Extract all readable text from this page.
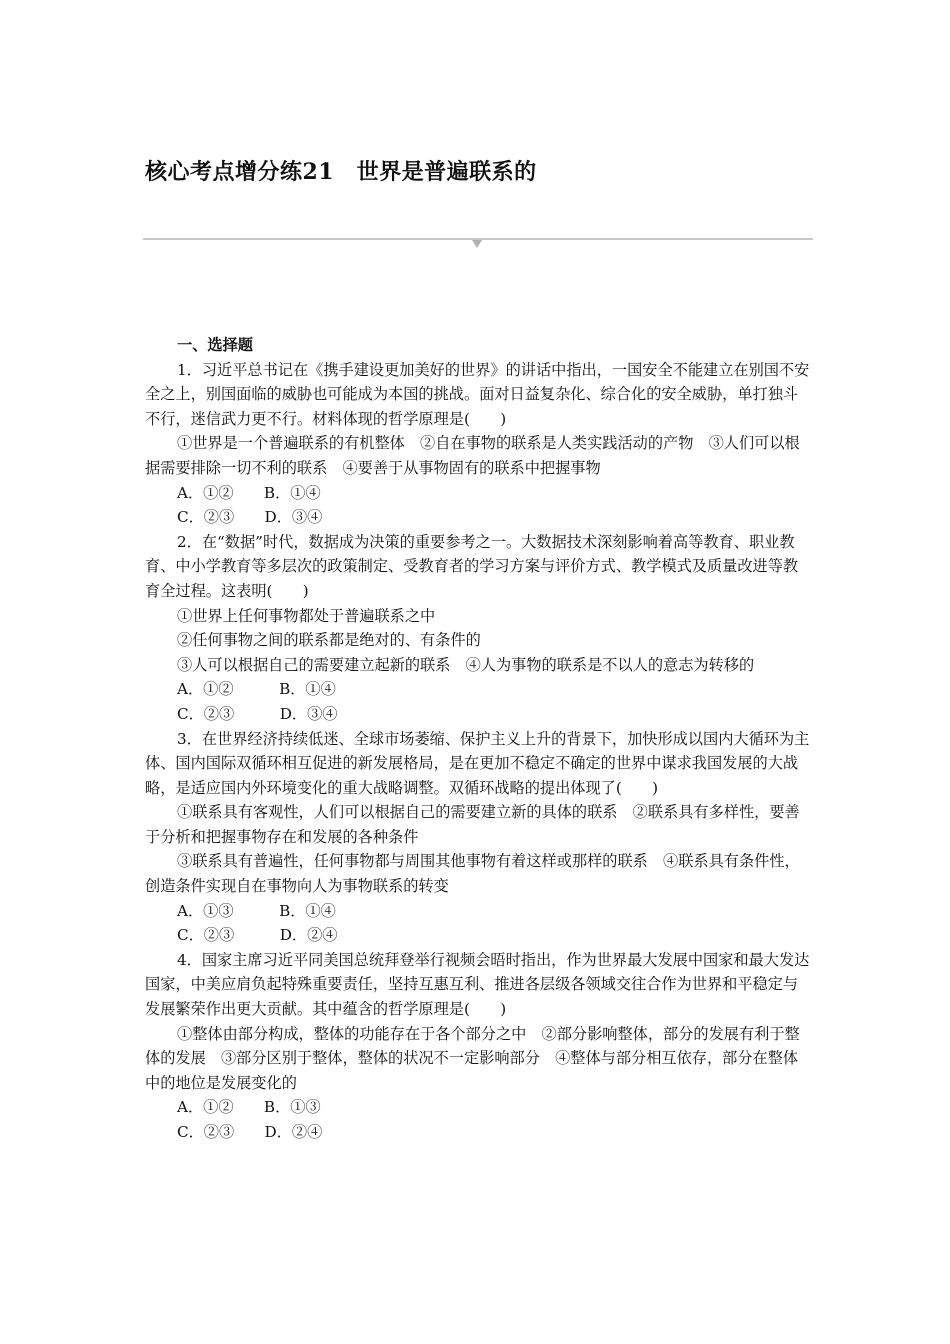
核心考点增分练21　世界是普遍联系的

一、选择题

1．习近平总书记在《携手建设更加美好的世界》的讲话中指出，一国安全不能建立在别国不安全之上，别国面临的威胁也可能成为本国的挑战。面对日益复杂化、综合化的安全威胁，单打独斗不行，迷信武力更不行。材料体现的哲学原理是(　　)

①世界是一个普遍联系的有机整体　②自在事物的联系是人类实践活动的产物　③人们可以根据需要排除一切不利的联系　④要善于从事物固有的联系中把握事物

A．①②　　B．①④

C．②③　　D．③④

2．在“数据”时代，数据成为决策的重要参考之一。大数据技术深刻影响着高等教育、职业教育、中小学教育等多层次的政策制定、受教育者的学习方案与评价方式、教学模式及质量改进等教育全过程。这表明(　　)

①世界上任何事物都处于普遍联系之中

②任何事物之间的联系都是绝对的、有条件的

③人可以根据自己的需要建立起新的联系　④人为事物的联系是不以人的意志为转移的

A．①②　　　B．①④

C．②③　　　D．③④

3．在世界经济持续低迷、全球市场萎缩、保护主义上升的背景下，加快形成以国内大循环为主体、国内国际双循环相互促进的新发展格局，是在更加不稳定不确定的世界中谋求我国发展的大战略，是适应国内外环境变化的重大战略调整。双循环战略的提出体现了(　　)

①联系具有客观性，人们可以根据自己的需要建立新的具体的联系　②联系具有多样性，要善于分析和把握事物存在和发展的各种条件

③联系具有普遍性，任何事物都与周围其他事物有着这样或那样的联系　④联系具有条件性，创造条件实现自在事物向人为事物联系的转变

A．①③　　　B．①④

C．②③　　　D．②④

4．国家主席习近平同美国总统拜登举行视频会晤时指出，作为世界最大发展中国家和最大发达国家，中美应肩负起特殊重要责任，坚持互惠互利、推进各层级各领域交往合作为世界和平稳定与发展繁荣作出更大贡献。其中蕴含的哲学原理是(　　)

①整体由部分构成，整体的功能存在于各个部分之中　②部分影响整体，部分的发展有利于整体的发展　③部分区别于整体，整体的状况不一定影响部分　④整体与部分相互依存，部分在整体中的地位是发展变化的

A．①②　　B．①③

C．②③　　D．②④
